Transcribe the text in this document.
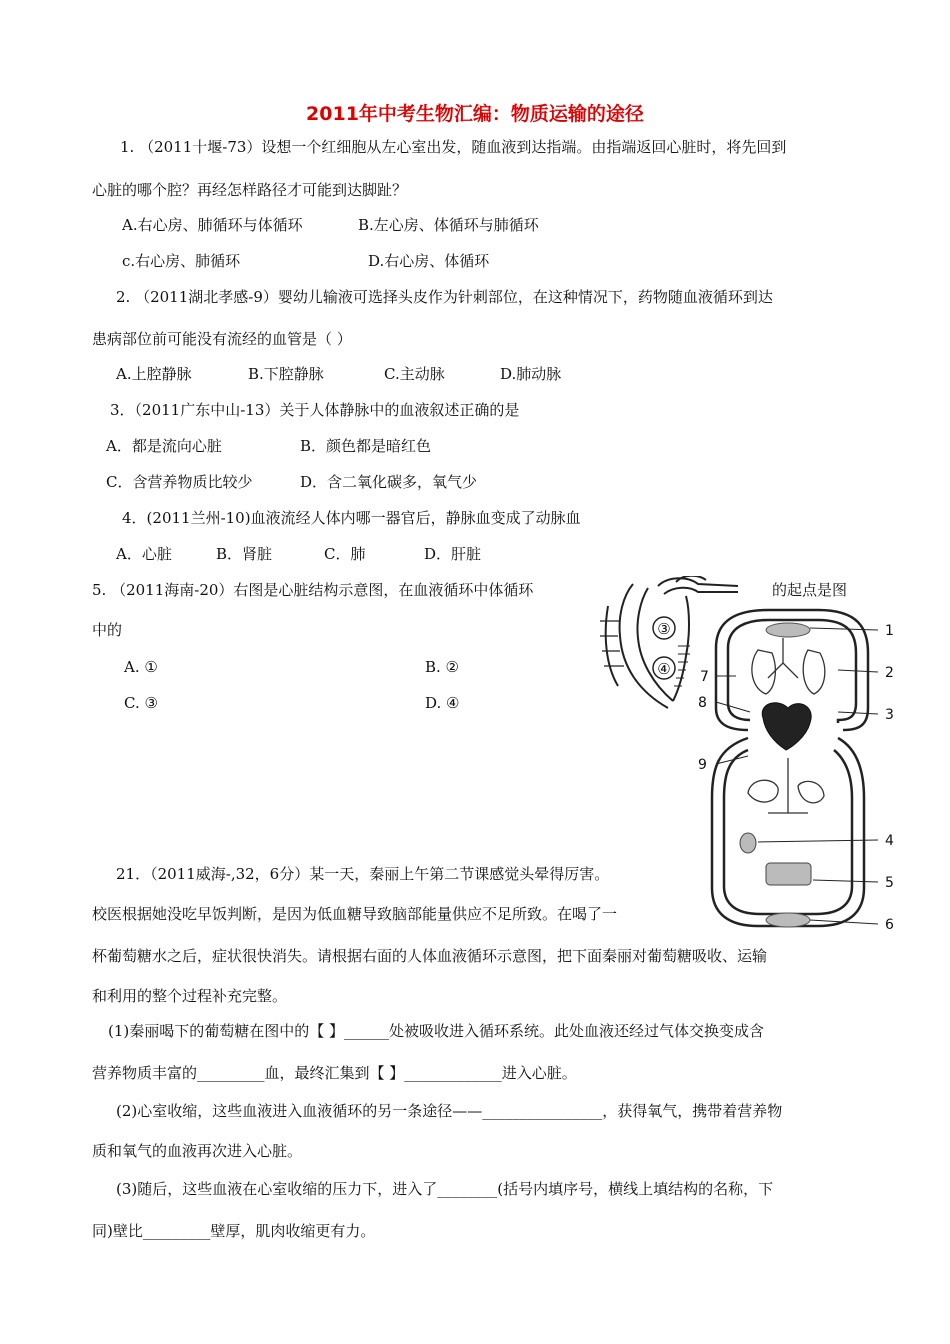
2011年中考生物汇编：物质运输的途径
1. （2011十堰-73）设想一个红细胞从左心室出发，随血液到达指端。由指端返回心脏时，将先回到
心脏的哪个腔？再经怎样路径才可能到达脚趾？
A.右心房、肺循环与体循环	B.左心房、体循环与肺循环
c.右心房、肺循环	D.右心房、体循环
2. （2011湖北孝感-9）婴幼儿输液可选择头皮作为针刺部位，在这种情况下，药物随血液循环到达
患病部位前可能没有流经的血管是（ ）
A.上腔静脉	B.下腔静脉	C.主动脉	D.肺动脉
3．（2011广东中山-13）关于人体静脉中的血液叙述正确的是
A．都是流向心脏	B．颜色都是暗红色
C．含营养物质比较少	D．含二氧化碳多，氧气少
4．(2011兰州-10)血液流经人体内哪一器官后，静脉血变成了动脉血
A．心脏	B．肾脏	C．肺	D．肝脏
5. （2011海南-20）右图是心脏结构示意图，在血液循环中体循环	的起点是图
中的
A. ①	B. ②
C. ③	D. ④
21．（2011威海-,32，6分）某一天，秦丽上午第二节课感觉头晕得厉害。
校医根据她没吃早饭判断，是因为低血糖导致脑部能量供应不足所致。在喝了一
杯葡萄糖水之后，症状很快消失。请根据右面的人体血液循环示意图，把下面秦丽对葡萄糖吸收、运输
和利用的整个过程补充完整。
(1)秦丽喝下的葡萄糖在图中的【 】______处被吸收进入循环系统。此处血液还经过气体交换变成含
营养物质丰富的_________血，最终汇集到【 】_____________进入心脏。
(2)心室收缩，这些血液进入血液循环的另一条途径——________________，获得氧气，携带着营养物
质和氧气的血液再次进入心脏。
(3)随后，这些血液在心室收缩的压力下，进入了________(括号内填序号，横线上填结构的名称，下
同)壁比_________壁厚，肌肉收缩更有力。
③
④
1
2
3
4
5
6
7
8
9
